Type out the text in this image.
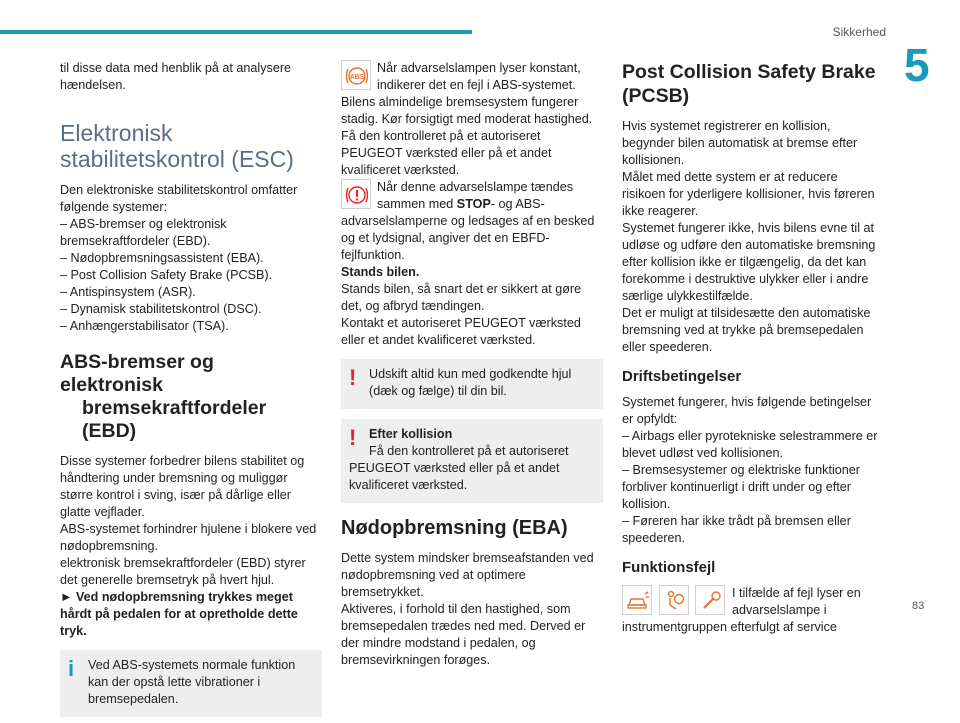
Sikkerhed
5
83

til disse data med henblik på at analysere hændelsen.

Elektronisk
stabilitetskontrol (ESC)

Den elektroniske stabilitetskontrol omfatter følgende systemer:

– ABS-bremser og elektronisk bremsekraftfordeler (EBD).

– Nødopbremsningsassistent (EBA).

– Post Collision Safety Brake (PCSB).

– Antispinsystem (ASR).

– Dynamisk stabilitetskontrol (DSC).

– Anhængerstabilisator (TSA).

ABS-bremser og elektronisk
bremsekraftfordeler (EBD)

Disse systemer forbedrer bilens stabilitet og håndtering under bremsning og muliggør større kontrol i sving, især på dårlige eller glatte vejflader.

ABS-systemet forhindrer hjulene i blokere ved nødopbremsning.

elektronisk bremsekraftfordeler (EBD) styrer det generelle bremsetryk på hvert hjul.

► Ved nødopbremsning trykkes meget hårdt på pedalen for at opretholde dette tryk.

i	Ved ABS-systemets normale funktion kan der opstå lette vibrationer i bremsepedalen.

ABS

Når advarselslampen lyser konstant, indikerer det en fejl i ABS-systemet.

Bilens almindelige bremsesystem fungerer stadig. Kør forsigtigt med moderat hastighed.

Få den kontrolleret på et autoriseret PEUGEOT værksted eller på et andet kvalificeret værksted.

Når denne advarselslampe tændes sammen med STOP- og ABS-advarselslamperne og ledsages af en besked og et lydsignal, angiver det en EBFD-fejlfunktion.

Stands bilen.

Stands bilen, så snart det er sikkert at gøre det, og afbryd tændingen.

Kontakt et autoriseret PEUGEOT værksted eller et andet kvalificeret værksted.

!	Udskift altid kun med godkendte hjul (dæk og fælge) til din bil.

!	Efter kollision

Få den kontrolleret på et autoriseret PEUGEOT værksted eller på et andet kvalificeret værksted.

Nødopbremsning (EBA)

Dette system mindsker bremseafstanden ved nødopbremsning ved at optimere bremsetrykket.

Aktiveres, i forhold til den hastighed, som bremsepedalen trædes ned med. Derved er der mindre modstand i pedalen, og bremsevirkningen forøges.

Post Collision Safety Brake (PCSB)

Hvis systemet registrerer en kollision, begynder bilen automatisk at bremse efter kollisionen.

Målet med dette system er at reducere risikoen for yderligere kollisioner, hvis føreren ikke reagerer.

Systemet fungerer ikke, hvis bilens evne til at udløse og udføre den automatiske bremsning efter kollision ikke er tilgængelig, da det kan forekomme i destruktive ulykker eller i andre særlige ulykkestilfælde.

Det er muligt at tilsidesætte den automatiske bremsning ved at trykke på bremsepedalen eller speederen.

Driftsbetingelser

Systemet fungerer, hvis følgende betingelser er opfyldt:

– Airbags eller pyrotekniske selestrammere er blevet udløst ved kollisionen.

– Bremsesystemer og elektriske funktioner forbliver kontinuerligt i drift under og efter kollision.

– Føreren har ikke trådt på bremsen eller speederen.

Funktionsfejl

I tilfælde af fejl lyser en advarselslampe i instrumentgruppen efterfulgt af service
